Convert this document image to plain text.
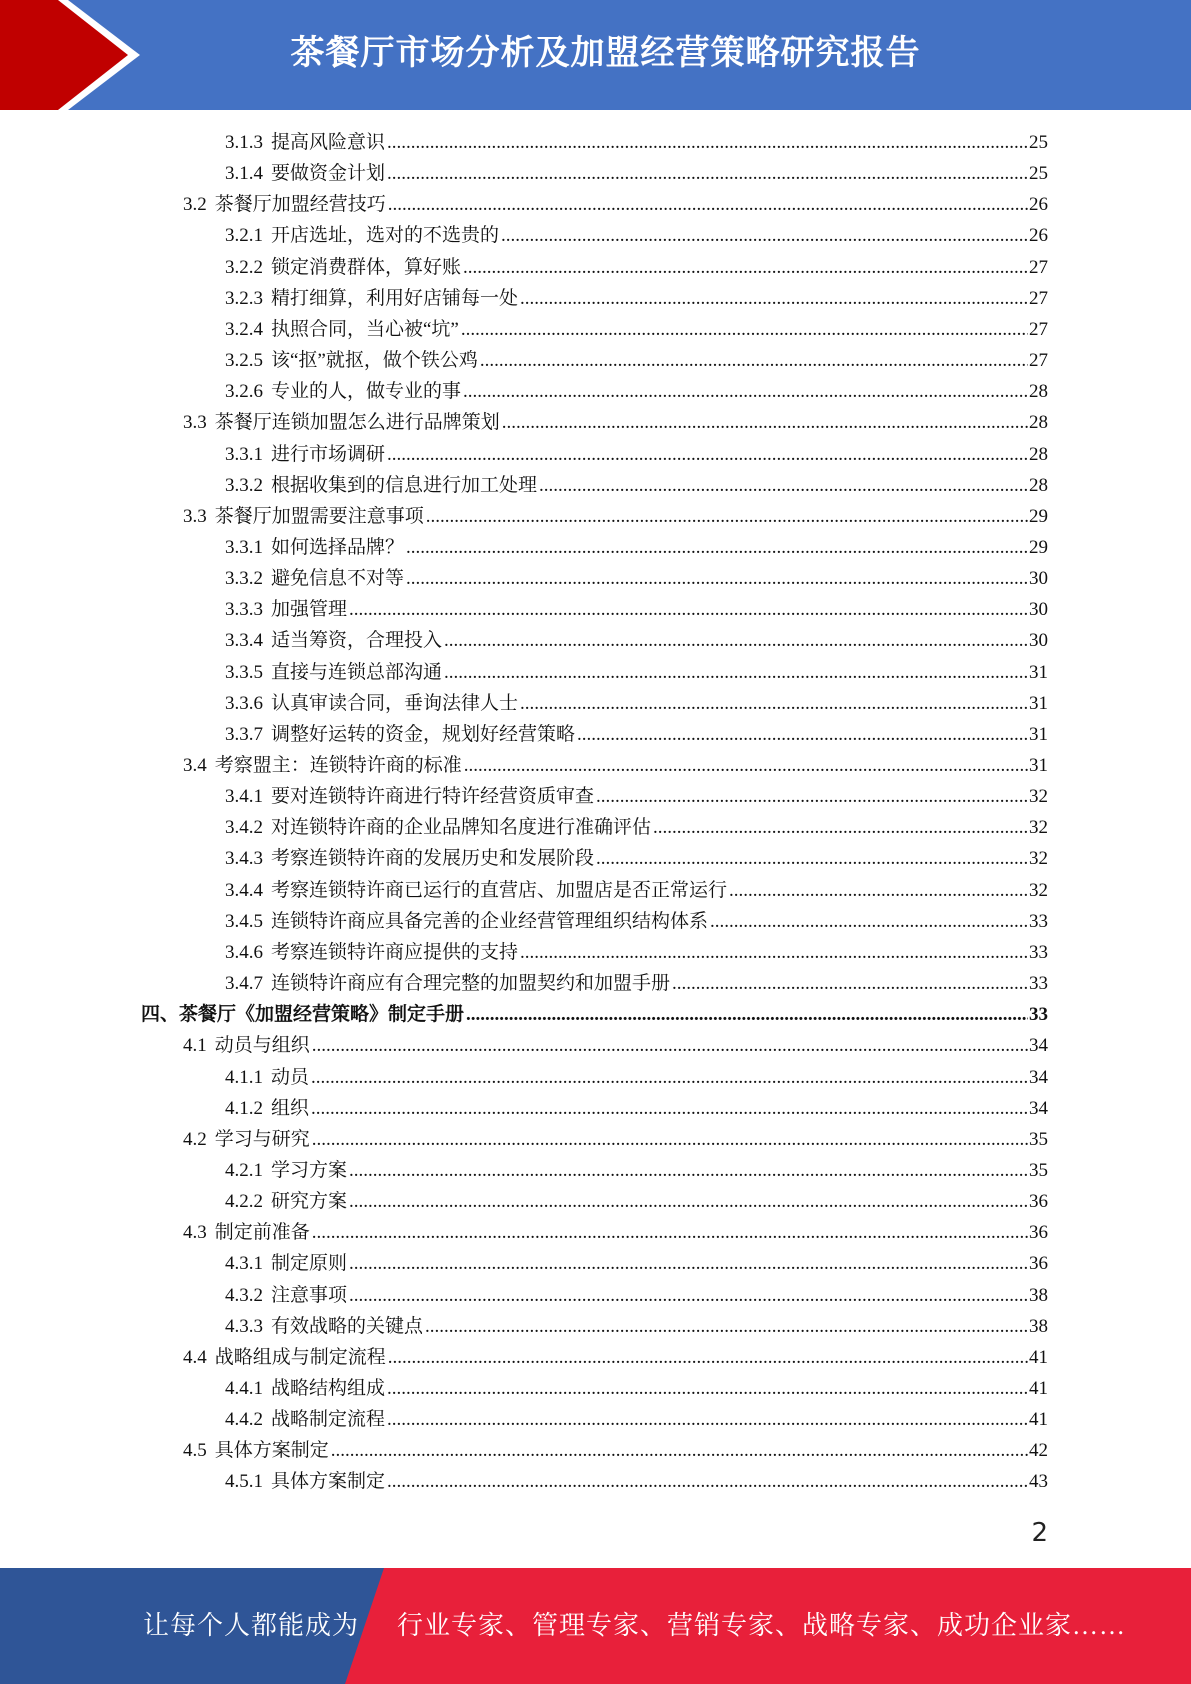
茶餐厅市场分析及加盟经营策略研究报告
3.1.3 提高风险意识 .....	25
3.1.4 要做资金计划 .....	25
3.2 茶餐厅加盟经营技巧 .....	26
3.2.1 开店选址，选对的不选贵的 .....	26
3.2.2 锁定消费群体，算好账 .....	27
3.2.3 精打细算，利用好店铺每一处 .....	27
3.2.4 执照合同，当心被“坑” .....	27
3.2.5 该“抠”就抠，做个铁公鸡 .....	27
3.2.6 专业的人，做专业的事 .....	28
3.3 茶餐厅连锁加盟怎么进行品牌策划 .....	28
3.3.1 进行市场调研 .....	28
3.3.2 根据收集到的信息进行加工处理 .....	28
3.3 茶餐厅加盟需要注意事项 .....	29
3.3.1 如何选择品牌？ .....	29
3.3.2 避免信息不对等 .....	30
3.3.3 加强管理 .....	30
3.3.4 适当筹资，合理投入 .....	30
3.3.5 直接与连锁总部沟通 .....	31
3.3.6 认真审读合同，垂询法律人士 .....	31
3.3.7 调整好运转的资金，规划好经营策略 .....	31
3.4 考察盟主：连锁特许商的标准 .....	31
3.4.1 要对连锁特许商进行特许经营资质审查 .....	32
3.4.2 对连锁特许商的企业品牌知名度进行准确评估 .....	32
3.4.3 考察连锁特许商的发展历史和发展阶段 .....	32
3.4.4 考察连锁特许商已运行的直营店、加盟店是否正常运行 .....	32
3.4.5 连锁特许商应具备完善的企业经营管理组织结构体系 .....	33
3.4.6 考察连锁特许商应提供的支持 .....	33
3.4.7 连锁特许商应有合理完整的加盟契约和加盟手册 .....	33
四、茶餐厅《加盟经营策略》制定手册 .....	33
4.1 动员与组织 .....	34
4.1.1 动员 .....	34
4.1.2 组织 .....	34
4.2 学习与研究 .....	35
4.2.1 学习方案 .....	35
4.2.2 研究方案 .....	36
4.3 制定前准备 .....	36
4.3.1 制定原则 .....	36
4.3.2 注意事项 .....	38
4.3.3 有效战略的关键点 .....	38
4.4 战略组成与制定流程 .....	41
4.4.1 战略结构组成 .....	41
4.4.2 战略制定流程 .....	41
4.5 具体方案制定 .....	42
4.5.1 具体方案制定 .....	43
2
让每个人都能成为 行业专家、管理专家、营销专家、战略专家、成功企业家……
